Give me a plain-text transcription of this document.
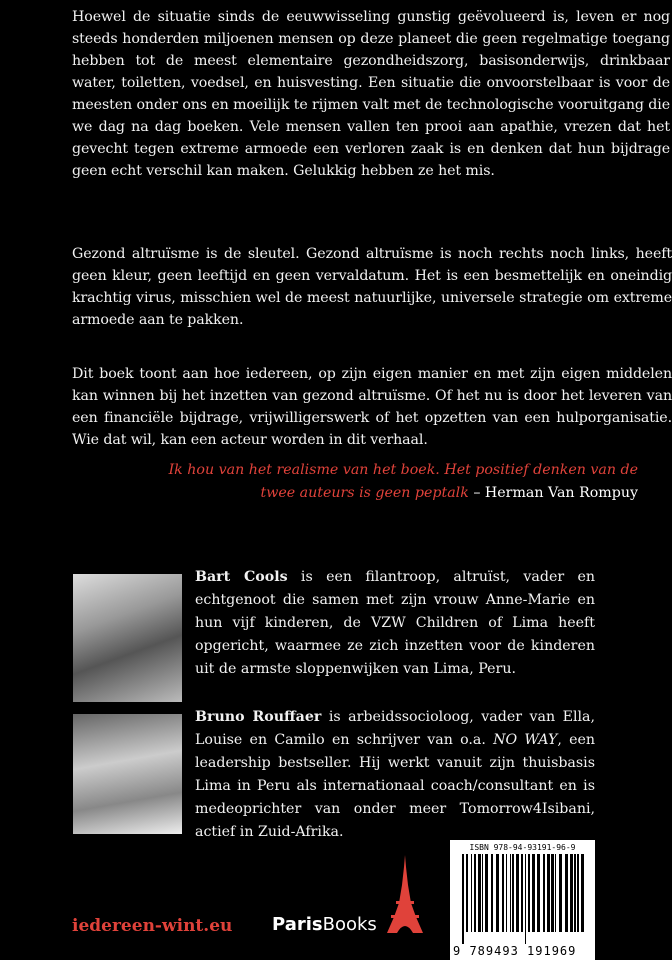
Hoewel de situatie sinds de eeuwwisseling gunstig geëvolueerd is, leven er nog steeds honderden miljoenen mensen op deze planeet die geen regelmatige toegang hebben tot de meest elementaire gezondheidszorg, basisonderwijs, drinkbaar water, toiletten, voedsel, en huisvesting. Een situatie die onvoorstelbaar is voor de meesten onder ons en moeilijk te rijmen valt met de technologische vooruitgang die we dag na dag boeken. Vele mensen vallen ten prooi aan apathie, vrezen dat het gevecht tegen extreme armoede een verloren zaak is en denken dat hun bijdrage geen echt verschil kan maken. Gelukkig hebben ze het mis.

Gezond altruïsme is de sleutel. Gezond altruïsme is noch rechts noch links, heeft geen kleur, geen leeftijd en geen vervaldatum. Het is een besmettelijk en oneindig krachtig virus, misschien wel de meest natuurlijke, universele strategie om extreme armoede aan te pakken.

Dit boek toont aan hoe iedereen, op zijn eigen manier en met zijn eigen middelen kan winnen bij het inzetten van gezond altruïsme. Of het nu is door het leveren van een financiële bijdrage, vrijwilligerswerk of het opzetten van een hulporganisatie. Wie dat wil, kan een acteur worden in dit verhaal.

Ik hou van het realisme van het boek. Het positief denken van de twee auteurs is geen peptalk – Herman Van Rompuy

Bart Cools is een filantroop, altruïst, vader en echtgenoot die samen met zijn vrouw Anne-Marie en hun vijf kinderen, de VZW Children of Lima heeft opgericht, waarmee ze zich inzetten voor de kinderen uit de armste sloppenwijken van Lima, Peru.

Bruno Rouffaer is arbeidssocioloog, vader van Ella, Louise en Camilo en schrijver van o.a. NO WAY, een leadership bestseller. Hij werkt vanuit zijn thuisbasis Lima in Peru als internationaal coach/consultant en is medeoprichter van onder meer Tomorrow4Isibani, actief in Zuid-Afrika.

iedereen-wint.eu ParisBooks
ISBN 978-94-93191-96-9
9 789493 191969
